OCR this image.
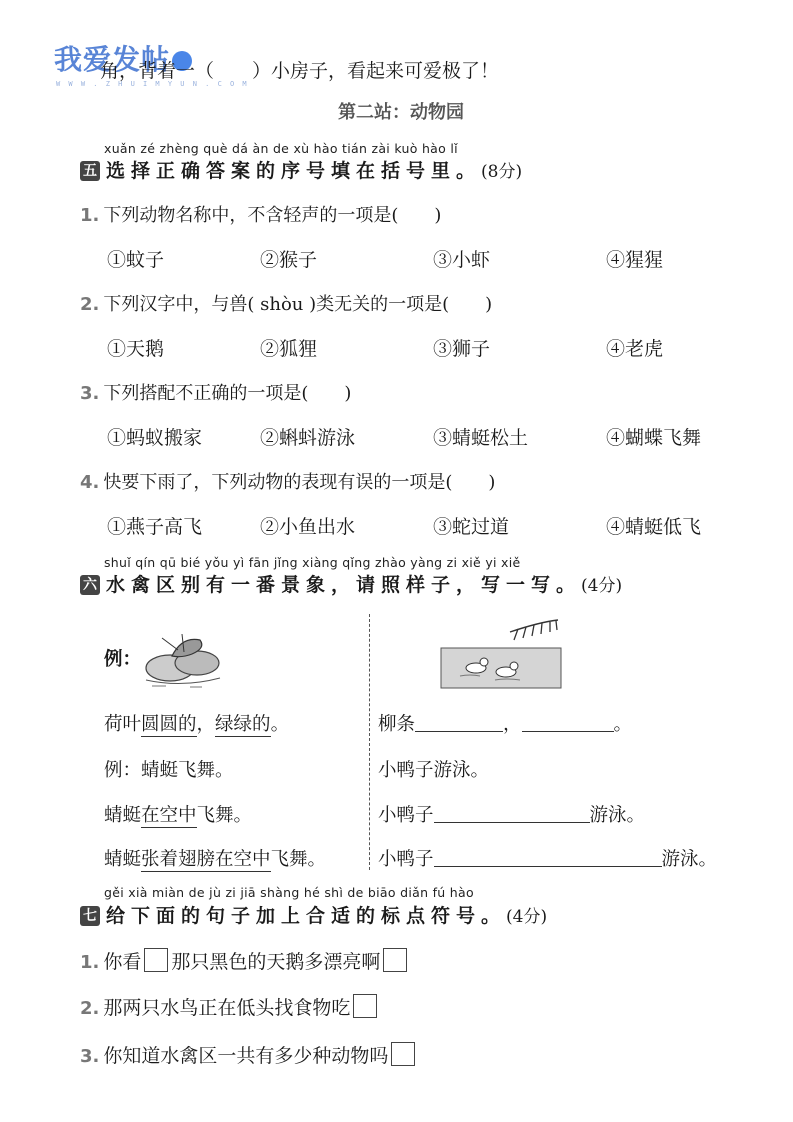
我爱发帖
W W W . Z H U I M Y U N . C O M
角，背着一（　　）小房子，看起来可爱极了！
第二站：动物园
xuǎn zé zhèng què dá àn de xù hào tián zài kuò hào lǐ
五 选择正确答案的序号填在括号里。(8分)
1. 下列动物名称中，不含轻声的一项是(　　)
①蚊子	②猴子	③小虾	④猩猩
2. 下列汉字中，与兽( shòu )类无关的一项是(　　)
①天鹅	②狐狸	③狮子	④老虎
3. 下列搭配不正确的一项是(　　)
①蚂蚁搬家	②蝌蚪游泳	③蜻蜓松土	④蝴蝶飞舞
4. 快要下雨了，下列动物的表现有误的一项是(　　)
①燕子高飞	②小鱼出水	③蛇过道	④蜻蜓低飞
shuǐ qín qū bié yǒu yì fān jǐng xiàng qǐng zhào yàng zi xiě yi xiě
六 水禽区别有一番景象，请照样子，写一写。(4分)
例：
荷叶圆圆的，绿绿的。
例：蜻蜓飞舞。
蜻蜓在空中飞舞。
蜻蜓张着翅膀在空中飞舞。
柳条	，	。
小鸭子游泳。
小鸭子	游泳。
小鸭子	游泳。
gěi xià miàn de jù zi jiā shàng hé shì de biāo diǎn fú hào
七 给下面的句子加上合适的标点符号。(4分)
1. 你看 那只黑色的天鹅多漂亮啊
2. 那两只水鸟正在低头找食物吃
3. 你知道水禽区一共有多少种动物吗
